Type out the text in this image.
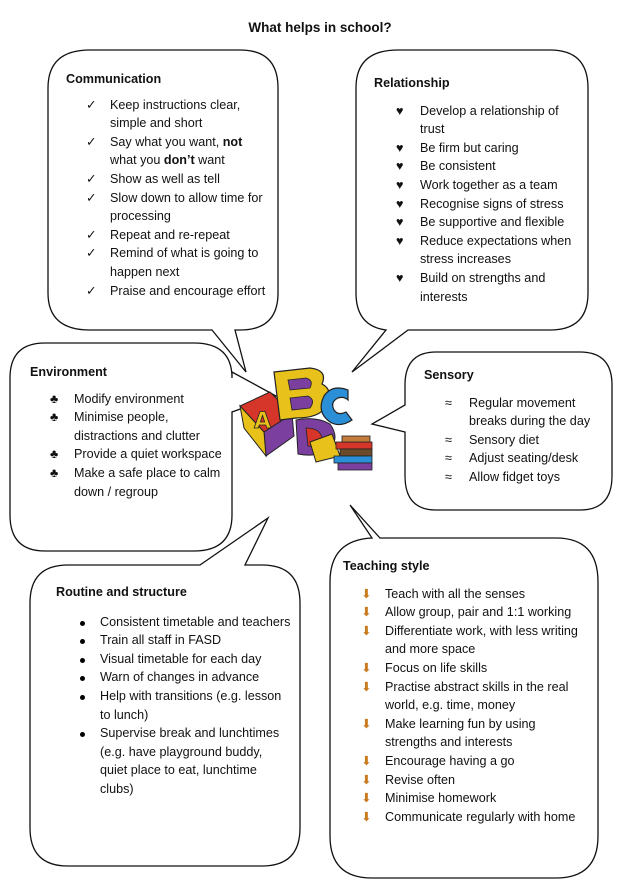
What helps in school?
A
Communication
✓	Keep instructions clear, simple and short
✓	Say what you want, not what you don’t want
✓	Show as well as tell
✓	Slow down to allow time for processing
✓	Repeat and re-repeat
✓	Remind of what is going to happen next
✓	Praise and encourage effort
Relationship
♥	Develop a relationship of trust
♥	Be firm but caring
♥	Be consistent
♥	Work together as a team
♥	Recognise signs of stress
♥	Be supportive and flexible
♥	Reduce expectations when stress increases
♥	Build on strengths and interests
Environment
♣	Modify environment
♣	Minimise people, distractions and clutter
♣	Provide a quiet workspace
♣	Make a safe place to calm down / regroup
Sensory
≈	Regular movement breaks during the day
≈	Sensory diet
≈	Adjust seating/desk
≈	Allow fidget toys
Routine and structure
Consistent timetable and teachers
Train all staff in FASD
Visual timetable for each day
Warn of changes in advance
Help with transitions (e.g. lesson to lunch)
Supervise break and lunchtimes (e.g. have playground buddy, quiet place to eat, lunchtime clubs)
Teaching style
⬇	Teach with all the senses
⬇	Allow group, pair and 1:1 working
⬇	Differentiate work, with less writing and more space
⬇	Focus on life skills
⬇	Practise abstract skills in the real world, e.g. time, money
⬇	Make learning fun by using strengths and interests
⬇	Encourage having a go
⬇	Revise often
⬇	Minimise homework
⬇	Communicate regularly with home
